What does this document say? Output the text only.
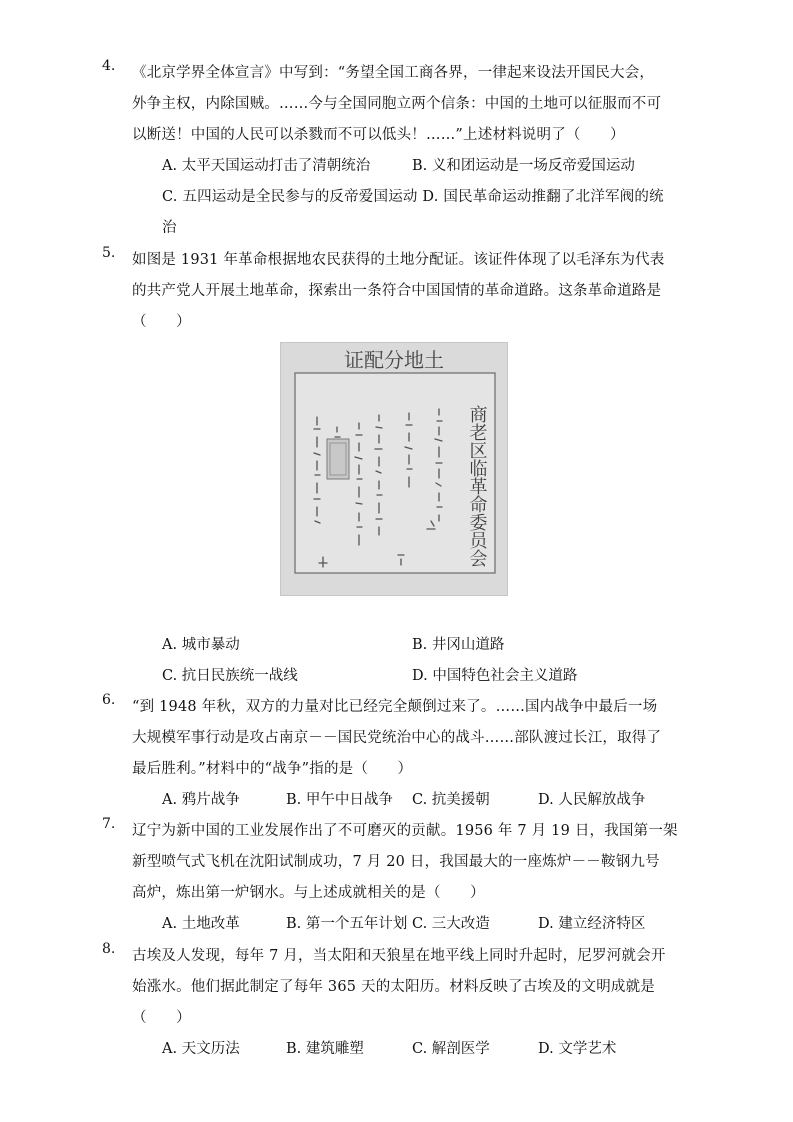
4. 《北京学界全体宣言》中写到：“务望全国工商各界，一律起来设法开国民大会，
外争主权，内除国贼。……今与全国同胞立两个信条：中国的土地可以征服而不可
以断送！中国的人民可以杀戮而不可以低头！……”上述材料说明了（　　）
A. 太平天国运动打击了清朝统治	B. 义和团运动是一场反帝爱国运动
C. 五四运动是全民参与的反帝爱国运动 D. 国民革命运动推翻了北洋军阀的统
治
5. 如图是 1931 年革命根据地农民获得的土地分配证。该证件体现了以毛泽东为代表
的共产党人开展土地革命，探索出一条符合中国国情的革命道路。这条革命道路是
（　　）
证配分地土
商老区临革命委员会
A. 城市暴动	B. 井冈山道路
C. 抗日民族统一战线	D. 中国特色社会主义道路
6. “到 1948 年秋，双方的力量对比已经完全颠倒过来了。……国内战争中最后一场
大规模军事行动是攻占南京－－国民党统治中心的战斗……部队渡过长江，取得了
最后胜利。”材料中的“战争”指的是（　　）
A. 鸦片战争	B. 甲午中日战争 C. 抗美援朝	D. 人民解放战争
7. 辽宁为新中国的工业发展作出了不可磨灭的贡献。1956 年 7 月 19 日，我国第一架
新型喷气式飞机在沈阳试制成功，7 月 20 日，我国最大的一座炼炉－－鞍钢九号
高炉，炼出第一炉钢水。与上述成就相关的是（　　）
A. 土地改革	B. 第一个五年计划 C. 三大改造	D. 建立经济特区
8. 古埃及人发现，每年 7 月，当太阳和天狼星在地平线上同时升起时，尼罗河就会开
始涨水。他们据此制定了每年 365 天的太阳历。材料反映了古埃及的文明成就是
（　　）
A. 天文历法	B. 建筑雕塑	C. 解剖医学	D. 文学艺术
